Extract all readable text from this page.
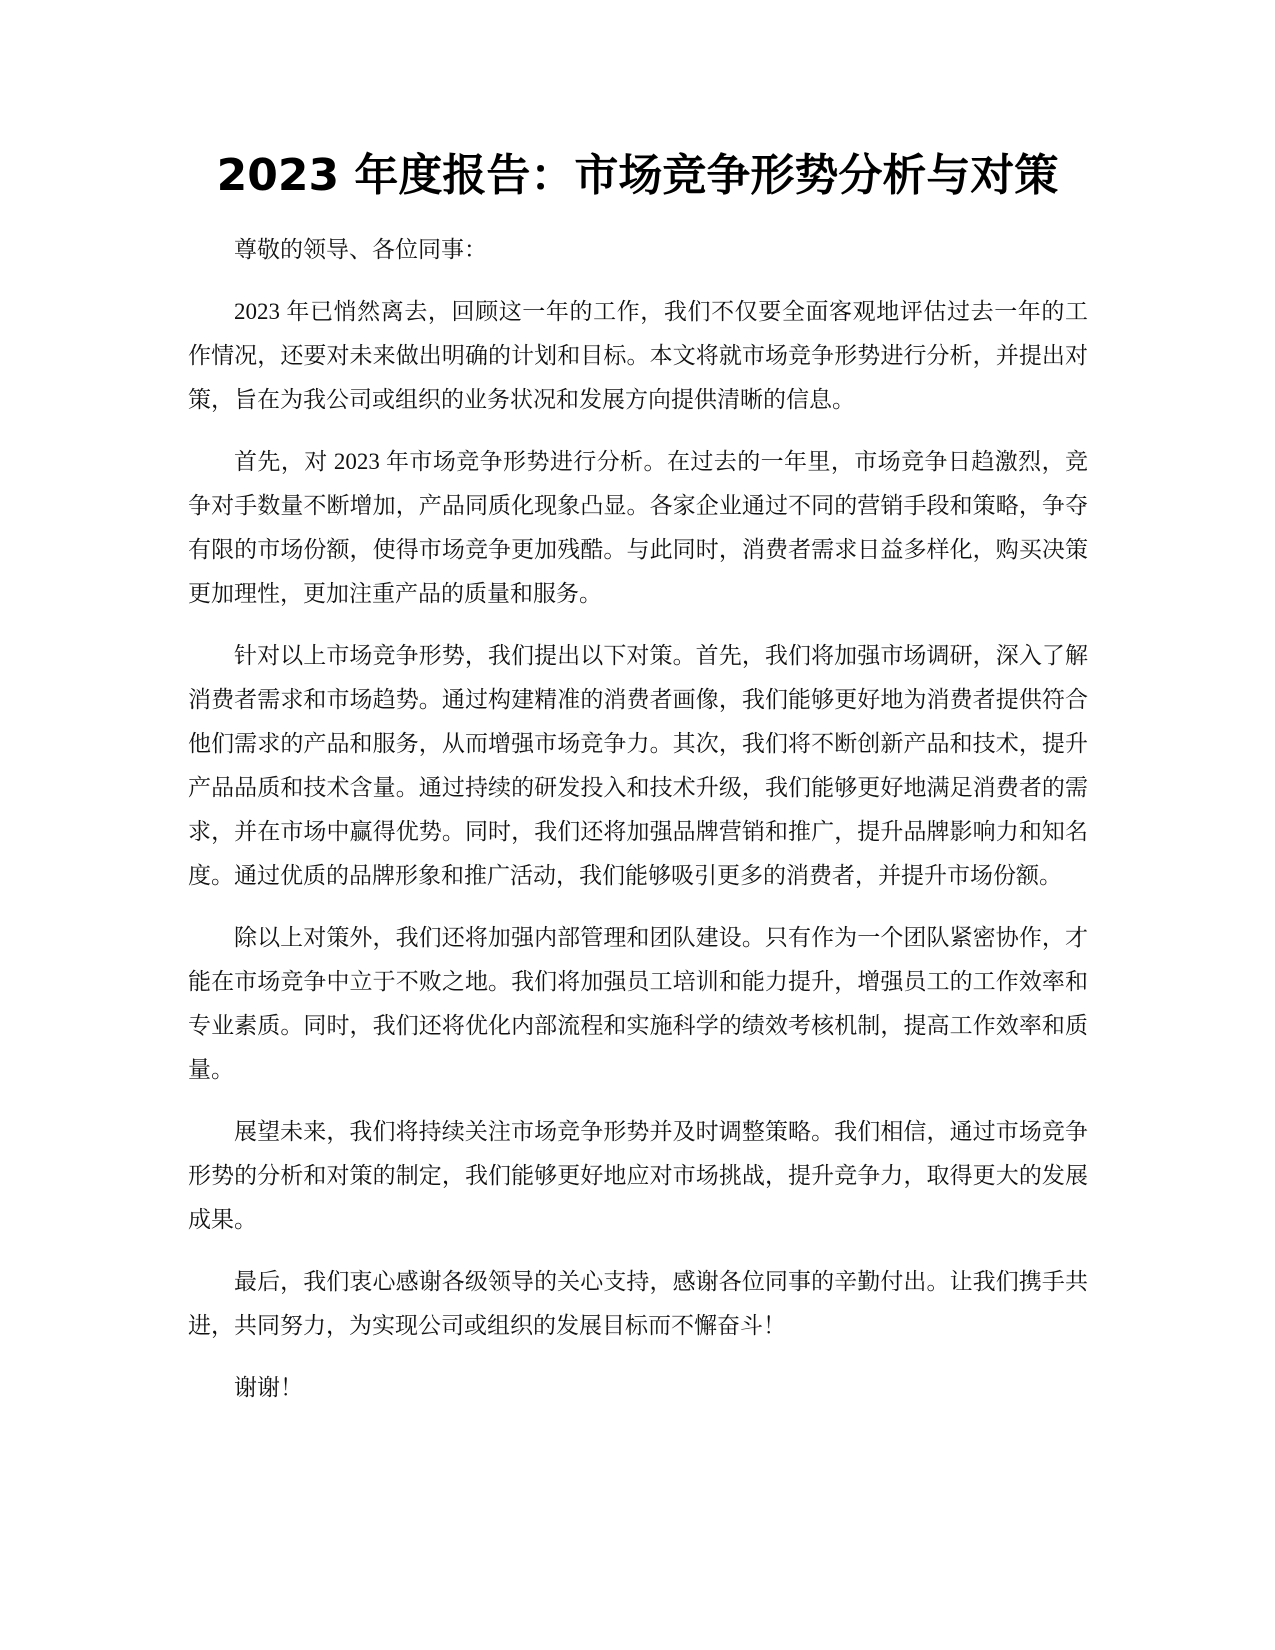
2023 年度报告：市场竞争形势分析与对策

尊敬的领导、各位同事：

2023 年已悄然离去，回顾这一年的工作，我们不仅要全面客观地评估过去一年的工作情况，还要对未来做出明确的计划和目标。本文将就市场竞争形势进行分析，并提出对策，旨在为我公司或组织的业务状况和发展方向提供清晰的信息。

首先，对 2023 年市场竞争形势进行分析。在过去的一年里，市场竞争日趋激烈，竞争对手数量不断增加，产品同质化现象凸显。各家企业通过不同的营销手段和策略，争夺有限的市场份额，使得市场竞争更加残酷。与此同时，消费者需求日益多样化，购买决策更加理性，更加注重产品的质量和服务。

针对以上市场竞争形势，我们提出以下对策。首先，我们将加强市场调研，深入了解消费者需求和市场趋势。通过构建精准的消费者画像，我们能够更好地为消费者提供符合他们需求的产品和服务，从而增强市场竞争力。其次，我们将不断创新产品和技术，提升产品品质和技术含量。通过持续的研发投入和技术升级，我们能够更好地满足消费者的需求，并在市场中赢得优势。同时，我们还将加强品牌营销和推广，提升品牌影响力和知名度。通过优质的品牌形象和推广活动，我们能够吸引更多的消费者，并提升市场份额。

除以上对策外，我们还将加强内部管理和团队建设。只有作为一个团队紧密协作，才能在市场竞争中立于不败之地。我们将加强员工培训和能力提升，增强员工的工作效率和专业素质。同时，我们还将优化内部流程和实施科学的绩效考核机制，提高工作效率和质量。

展望未来，我们将持续关注市场竞争形势并及时调整策略。我们相信，通过市场竞争形势的分析和对策的制定，我们能够更好地应对市场挑战，提升竞争力，取得更大的发展成果。

最后，我们衷心感谢各级领导的关心支持，感谢各位同事的辛勤付出。让我们携手共进，共同努力，为实现公司或组织的发展目标而不懈奋斗！

谢谢！
